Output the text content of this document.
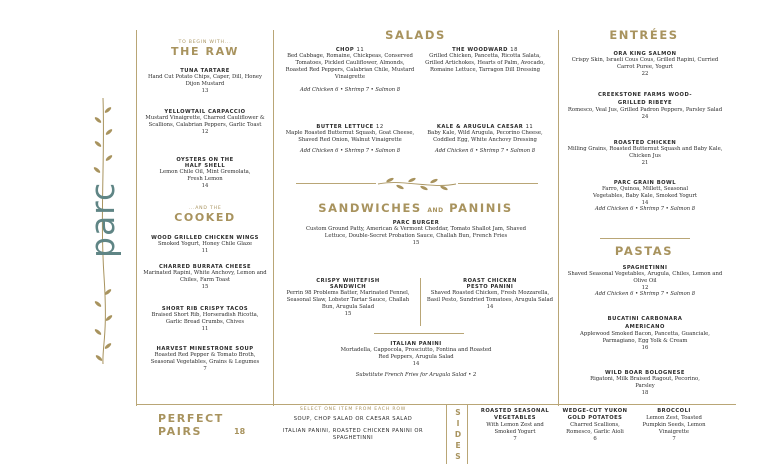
parc
TO BEGIN WITH...
THE RAW
TUNA TARTARE
Hand Cut Potato Chips, Caper, Dill, Honey Dijon Mustard
13
YELLOWTAIL CARPACCIO
Mustard Vinaigrette, Charred Cauliflower & Scallions, Calabrian Peppers, Garlic Toast
12
OYSTERS ON THE HALF SHELL
Lemon Chile Oil, Mint Gremolata, Fresh Lemon
14
...AND THE
COOKED
WOOD GRILLED CHICKEN WINGS
Smoked Yogurt, Honey Chile Glaze
11
CHARRED BURRATA CHEESE
Marinated Rapini, White Anchovy, Lemon and Chiles, Farm Toast
15
SHORT RIB CRISPY TACOS
Braised Short Rib, Horseradish Ricotta, Garlic Bread Crumbs, Chives
11
HARVEST MINESTRONE SOUP
Roasted Red Pepper & Tomato Broth, Seasonal Vegetables, Grains & Legumes
7
SALADS
CHOP 11
Bed Cabbage, Romaine, Chickpeas, Conserved Tomatoes, Pickled Cauliflower, Almonds, Roasted Red Peppers, Calabrian Chile, Mustard Vinaigrette
Add Chicken 6 • Shrimp 7 • Salmon 8
THE WOODWARD 18
Grilled Chicken, Pancetta, Ricotta Salata, Grilled Artichokes, Hearts of Palm, Avocado, Romaine Lettuce, Tarragon Dill Dressing
BUTTER LETTUCE 12
Maple Roasted Butternut Squash, Goat Cheese, Shaved Red Onion, Walnut Vinaigrette
Add Chicken 6 • Shrimp 7 • Salmon 8
KALE & ARUGULA CAESAR 11
Baby Kale, Wild Arugula, Pecorino Cheese, Coddled Egg, White Anchovy Dressing
Add Chicken 6 • Shrimp 7 • Salmon 8
SANDWICHES AND PANINIS
PARC BURGER
Custom Ground Patty, American & Vermont Cheddar, Tomato Shallot Jam, Shaved Lettuce, Double-Secret Probation Sauce, Challah Bun, French Fries
15
CRISPY WHITEFISH SANDWICH
Perrin 98 Problems Batter, Marinated Fennel, Seasonal Slaw, Lobster Tartar Sauce, Challah Bun, Arugula Salad
15
ROAST CHICKEN PESTO PANINI
Shaved Roasted Chicken, Fresh Mozzarella, Basil Pesto, Sundried Tomatoes, Arugula Salad
14
ITALIAN PANINI
Mortadella, Cappocola, Prosciutto, Fontina and Roasted Red Peppers, Arugula Salad
14
Substitute French Fries for Arugula Salad • 2
ENTRÉES
ORA KING SALMON
Crispy Skin, Israeli Cous Cous, Grilled Rapini, Curried Carrot Puree, Yogurt
22
CREEKSTONE FARMS WOOD-GRILLED RIBEYE
Romesco, Veal Jus, Grilled Padron Peppers, Parsley Salad
24
ROASTED CHICKEN
Milling Grains, Roasted Butternut Squash and Baby Kale, Chicken Jus
21
PARC GRAIN BOWL
Farro, Quinoa, Millett, Seasonal Vegetables, Baby Kale, Smoked Yogurt
14
Add Chicken 6 • Shrimp 7 • Salmon 8
PASTAS
SPAGHETINNI
Shaved Seasonal Vegetables, Arugula, Chiles, Lemon and Olive Oil
12
Add Chicken 6 • Shrimp 7 • Salmon 8
BUCATINI CARBONARA AMERICANO
Applewood Smoked Bacon, Pancetta, Guanciale, Parmagiano, Egg Yolk & Cream
16
WILD BOAR BOLOGNESE
Rigatoni, Milk Braised Ragout, Pecorino, Parsley
18
PERFECT
PAIRS	18
SELECT ONE ITEM FROM EACH ROW
SOUP, CHOP SALAD OR CAESAR SALAD
ITALIAN PANINI, ROASTED CHICKEN PANINI OR SPAGHETINNI
SIDES
ROASTED SEASONAL VEGETABLES
With Lemon Zest and Smoked Yogurt
7
WEDGE-CUT YUKON GOLD POTATOES
Charred Scallions, Romesco, Garlic Aioli
6
BROCCOLI
Lemon Zest, Toasted Pumpkin Seeds, Lemon Vinaigrette
7
